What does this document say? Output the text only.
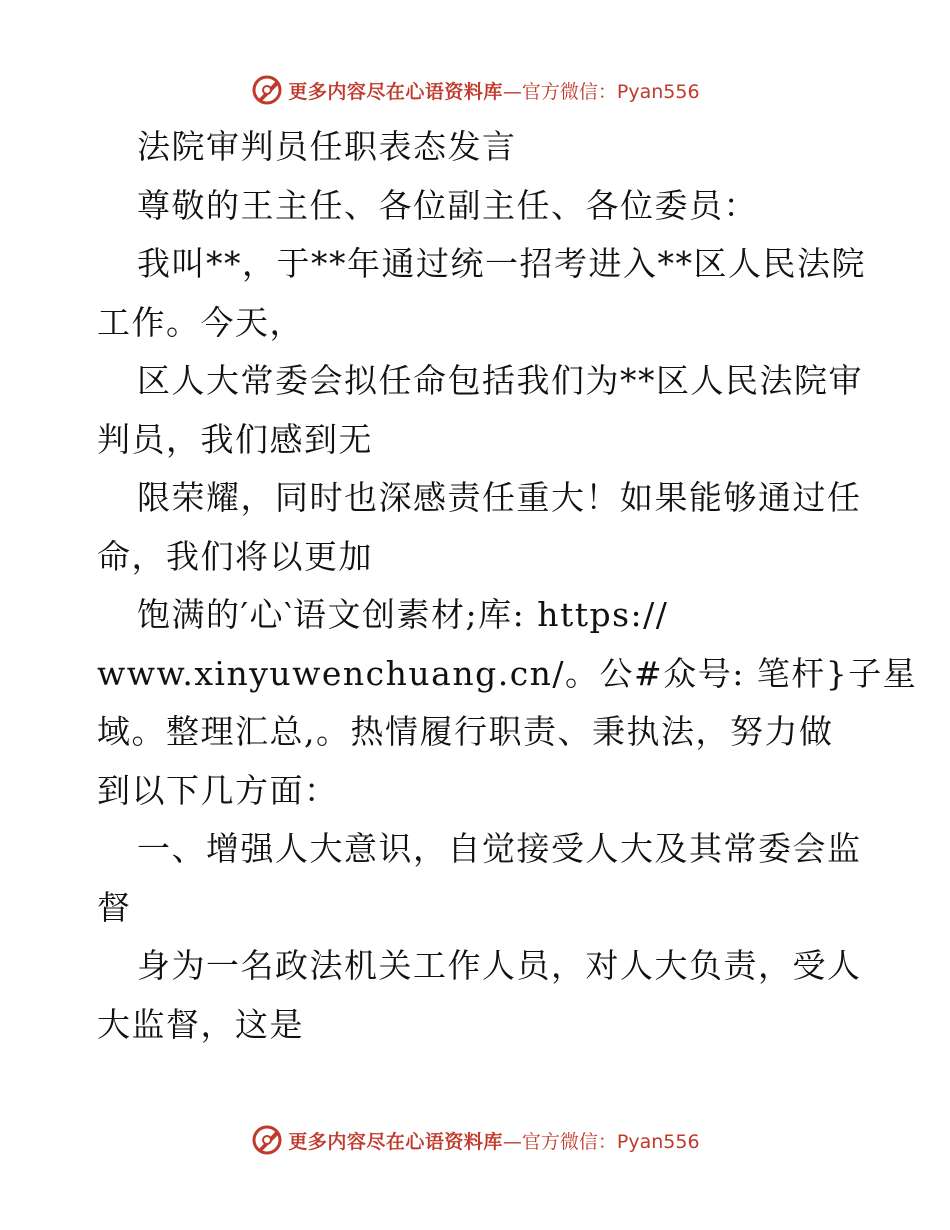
更多内容尽在心语资料库 —官方微信：Pyan556

法院审判员任职表态发言

尊敬的王主任、各位副主任、各位委员：

我叫**，于**年通过统一招考进入**区人民法院

工作。今天，

区人大常委会拟任命包括我们为**区人民法院审

判员，我们感到无

限荣耀，同时也深感责任重大！如果能够通过任

命，我们将以更加

饱满的′心‵语文创素材;库: https://

www.xinyuwenchuang.cn/。公#众号: 笔杆}子星

域。整理汇总,。热情履行职责、秉执法，努力做

到以下几方面：

一、增强人大意识，自觉接受人大及其常委会监

督

身为一名政法机关工作人员，对人大负责，受人

大监督，这是

更多内容尽在心语资料库 —官方微信：Pyan556
